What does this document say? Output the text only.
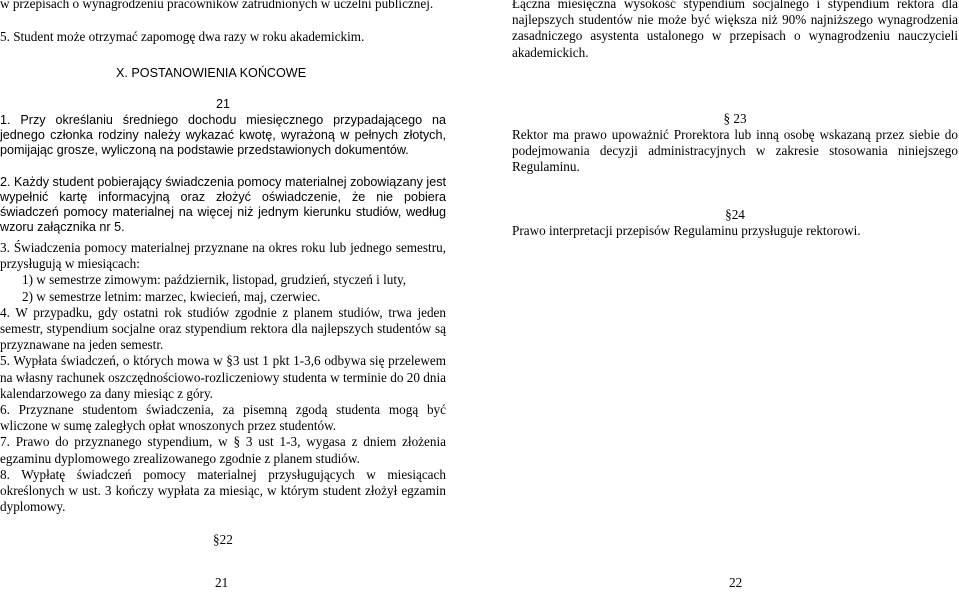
w przepisach o wynagrodzeniu pracowników zatrudnionych w uczelni publicznej.

5. Student może otrzymać zapomogę dwa razy w roku akademickim.

X. POSTANOWIENIA KOŃCOWE

21

1. Przy określaniu średniego dochodu miesięcznego przypadającego na jednego członka rodziny należy wykazać kwotę, wyrażoną w pełnych złotych, pomijając grosze, wyliczoną na podstawie przedstawionych dokumentów.

2. Każdy student pobierający świadczenia pomocy materialnej zobowiązany jest wypełnić kartę informacyjną oraz złożyć oświadczenie, że nie pobiera świadczeń pomocy materialnej na więcej niż jednym kierunku studiów, według wzoru załącznika nr 5.

3. Świadczenia pomocy materialnej przyznane na okres roku lub jednego semestru, przysługują w miesiącach:

1) w semestrze zimowym: październik, listopad, grudzień, styczeń i luty,

2) w semestrze letnim: marzec, kwiecień, maj, czerwiec.

4. W przypadku, gdy ostatni rok studiów zgodnie z planem studiów, trwa jeden semestr, stypendium socjalne oraz stypendium rektora dla najlepszych studentów są przyznawane na jeden semestr.

5. Wypłata świadczeń, o których mowa w §3 ust 1 pkt 1-3,6 odbywa się przelewem na własny rachunek oszczędnościowo-rozliczeniowy studenta w terminie do 20 dnia kalendarzowego za dany miesiąc z góry.

6. Przyznane studentom świadczenia, za pisemną zgodą studenta mogą być wliczone w sumę zaległych opłat wnoszonych przez studentów.

7. Prawo do przyznanego stypendium, w § 3 ust 1-3, wygasa z dniem złożenia egzaminu dyplomowego zrealizowanego zgodnie z planem studiów.

8. Wypłatę świadczeń pomocy materialnej przysługujących w miesiącach określonych w ust. 3 kończy wypłata za miesiąc, w którym student złożył egzamin dyplomowy.

§22

21

Łączna miesięczna wysokość stypendium socjalnego i stypendium rektora dla najlepszych studentów nie może być większa niż 90% najniższego wynagrodzenia zasadniczego asystenta ustalonego w przepisach o wynagrodzeniu nauczycieli akademickich.

§ 23

Rektor ma prawo upoważnić Prorektora lub inną osobę wskazaną przez siebie do podejmowania decyzji administracyjnych w zakresie stosowania niniejszego Regulaminu.

§24

Prawo interpretacji przepisów Regulaminu przysługuje rektorowi.

22
